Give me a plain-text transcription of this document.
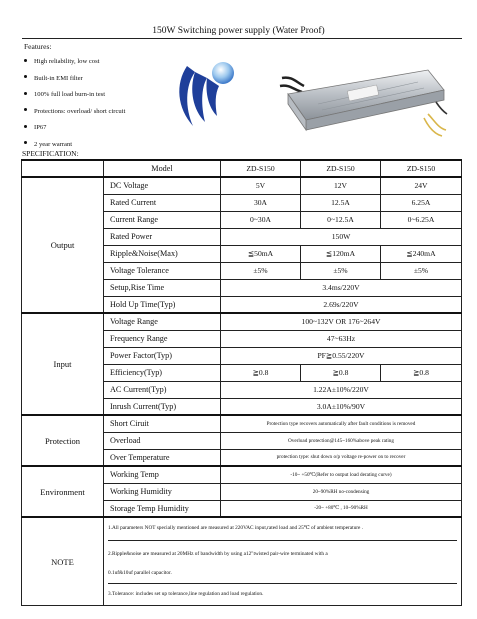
150W Switching power supply (Water Proof)
Features:
High reliability, low cost
Built-in EMI filter
100% full load burn-in test
Protections: overload/ short circuit
IP67
2 year warrant
SPECIFICATION:
	Model	ZD-S150	ZD-S150	ZD-S150
Output	DC Voltage	5V	12V	24V
	Rated Current	30A	12.5A	6.25A
	Current Range	0~30A	0~12.5A	0~6.25A
	Rated Power	150W		
	Ripple&Noise(Max)	≦50mA	≦120mA	≦240mA
	Voltage Tolerance	±5%	±5%	±5%
	Setup,Rise Time	3.4ms/220V		
	Hold Up Time(Typ)	2.69s/220V		
Input	Voltage Range	100~132V OR 176~264V		
	Frequency Range	47~63Hz		
	Power Factor(Typ)	PF≧0.55/220V		
	Efficiency(Typ)	≧0.8	≧0.8	≧0.8
	AC Current(Typ)	1.22A±10%/220V		
	Inrush Current(Typ)	3.0A±10%/90V		
Protection	Short Ciruit	Protection type recovers automatically after fault conditions is removed		
	Overload	Overload protection@145~160%above peak rating		
	Over Temperature	protection type: shut down o/p voltage re-power on to recover		
Environment	Working Temp	-10~ +50℃(Refer to output load derating curve)		
	Working Humidity	20~90%RH no-condensing		
	Storage Temp Humidity	-20~ +80℃ , 10~90%RH		
NOTE	1.All parameters NOT specially mentioned are measured at 220VAC input,rated load and 25℃ of ambient temperature .
2.Ripple&noise are measured at 20MHz of bandwidth by using a12"twisted pair-wire terminated with a
0.1uf&10uf parallel capacitor.
3.Tolerance: includes set up tolerance,line regulation and load regulation.			
